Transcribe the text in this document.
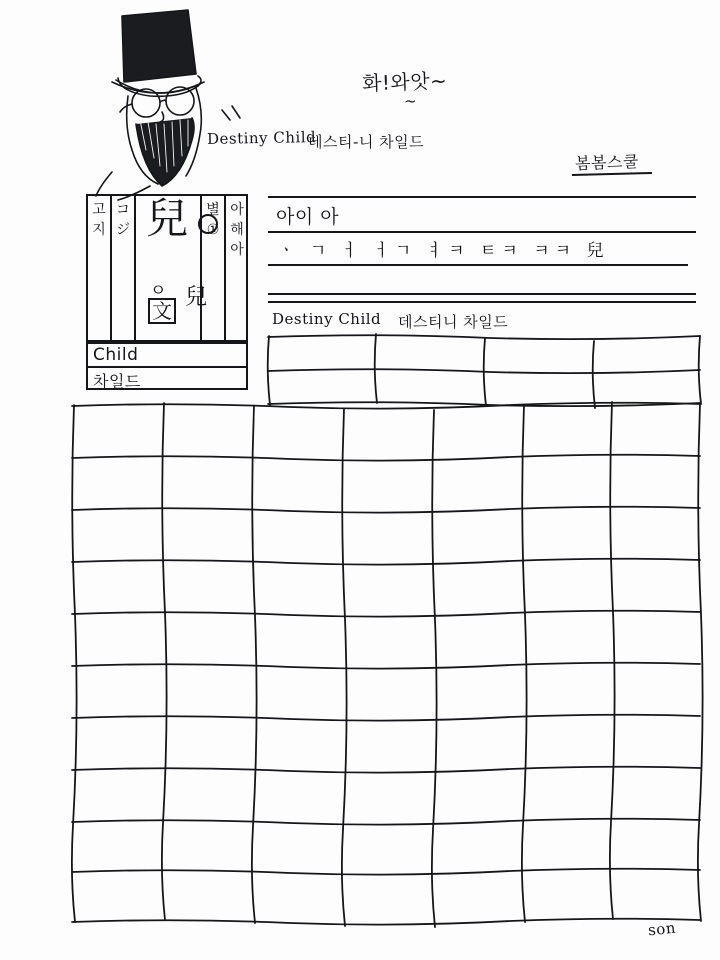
화!와앗~
~
Destiny Child
데스티-니 차일드
봄봄스쿨
고지
コジ
별①
아해아
兒
ㅇ 兒
⽂
Child
차일드
아이 아
ㆍ ㄱ ㅓ ㅓㄱ ㅕㅋ ㅌㅋ ㅋㅋ 兒
Destiny Child 데스티니 차일드
son
